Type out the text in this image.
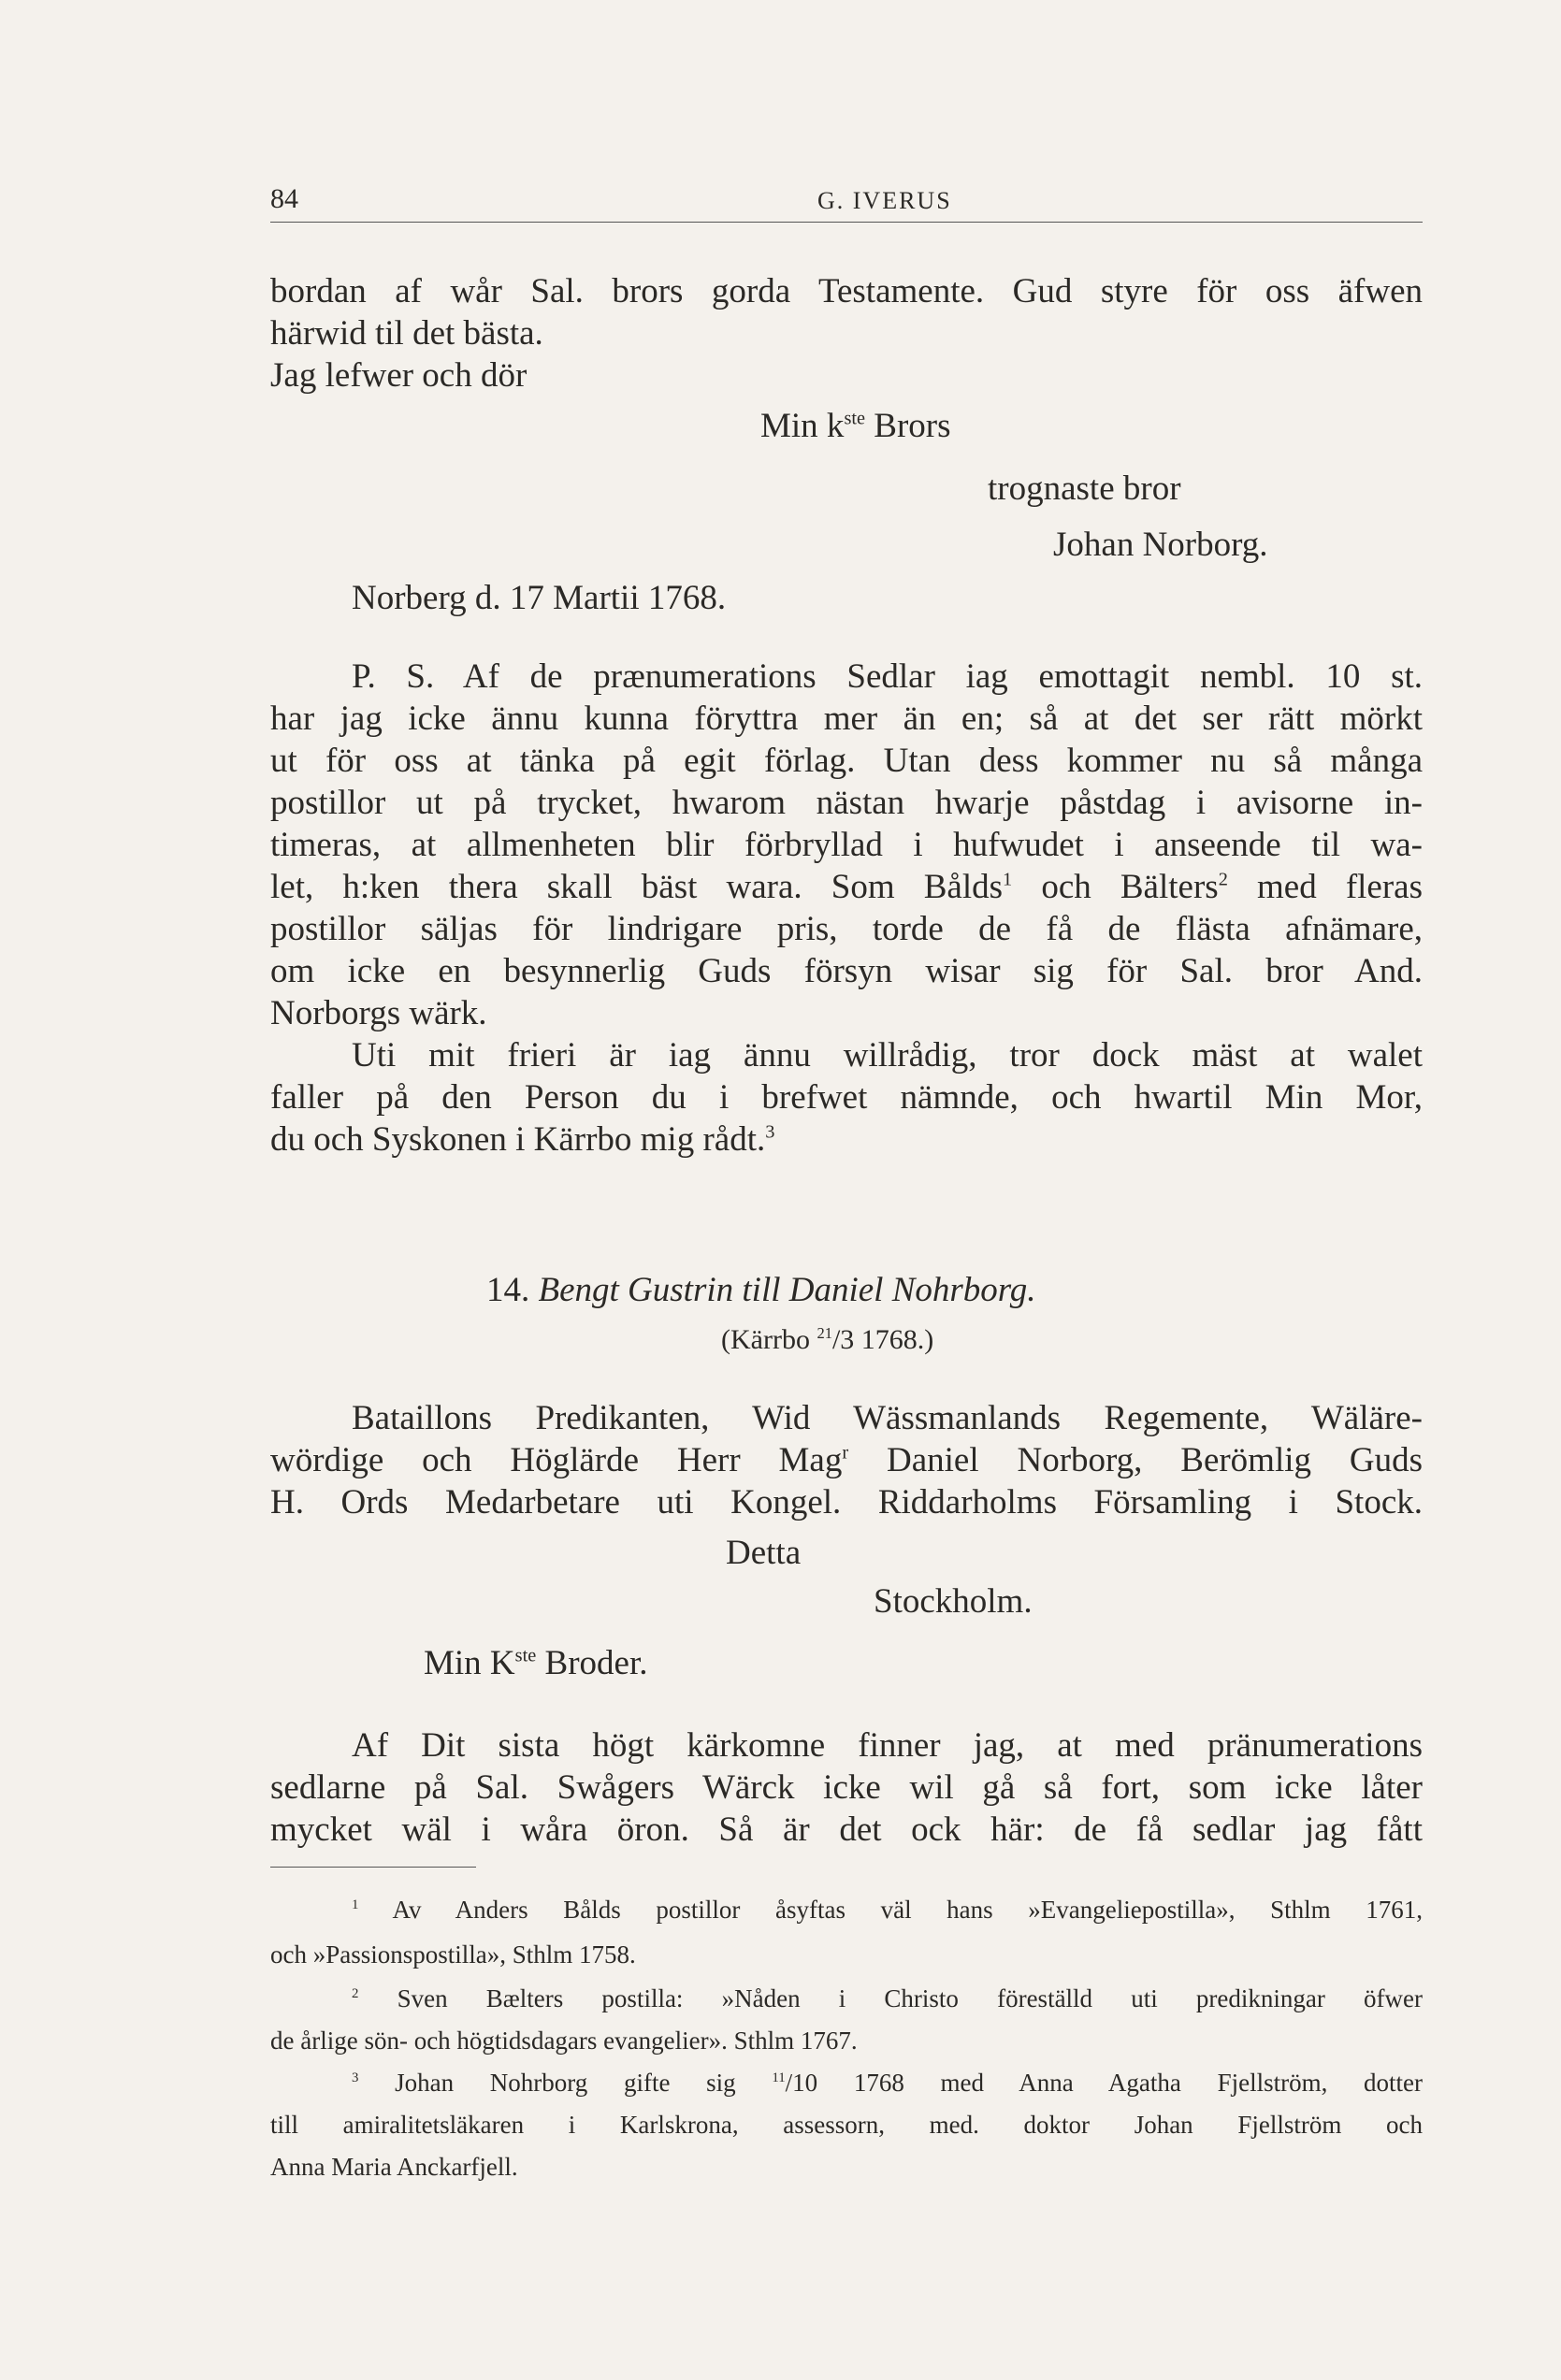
84	G. IVERUS
bordan af wår Sal. brors gorda Testamente. Gud styre för oss äfwen
härwid til det bästa.
Jag lefwer och dör
Min $k^{ste}$ Brors
trognaste bror
Johan Norborg.
Norberg d. 17 Martii 1768.
P. S. Af de prænumerations Sedlar iag emottagit nembl. 10 st.
har jag icke ännu kunna föryttra mer än en; så at det ser rätt mörkt
ut för oss at tänka på egit förlag. Utan dess kommer nu så många
postillor ut på trycket, hwarom nästan hwarje påstdag i avisorne in-
timeras, at allmenheten blir förbryllad i hufwudet i anseende til wa-
let, h:ken thera skall bäst wara. Som Bålds$^1$ och Bälters$^2$ med fleras
postillor säljas för lindrigare pris, torde de få de flästa afnämare,
om icke en besynnerlig Guds försyn wisar sig för Sal. bror And.
Norborgs wärk.
Uti mit frieri är iag ännu willrådig, tror dock mäst at walet
faller på den Person du i brefwet nämnde, och hwartil Min Mor,
du och Syskonen i Kärrbo mig rådt.$^3$
14. Bengt Gustrin till Daniel Nohrborg.
(Kärrbo $^{21}$/3 1768.)
Bataillons Predikanten, Wid Wässmanlands Regemente, Wäläre-
wördige och Höglärde Herr Mag$^r$ Daniel Norborg, Berömlig Guds
H. Ords Medarbetare uti Kongel. Riddarholms Församling i Stock.
Detta
Stockholm.
Min $K^{ste}$ Broder.
Af Dit sista högt kärkomne finner jag, at med pränumerations
sedlarne på Sal. Swågers Wärck icke wil gå så fort, som icke låter
mycket wäl i wåra öron. Så är det ock här: de få sedlar jag fått
$^1$ Av Anders Bålds postillor åsyftas väl hans »Evangeliepostilla», Sthlm 1761,
och »Passionspostilla», Sthlm 1758.
$^2$ Sven Bælters postilla: »Nåden i Christo föreställd uti predikningar öfwer
de årlige sön- och högtidsdagars evangelier». Sthlm 1767.
$^3$ Johan Nohrborg gifte sig $^{11}$/10 1768 med Anna Agatha Fjellström, dotter
till amiralitetsläkaren i Karlskrona, assessorn, med. doktor Johan Fjellström och
Anna Maria Anckarfjell.
